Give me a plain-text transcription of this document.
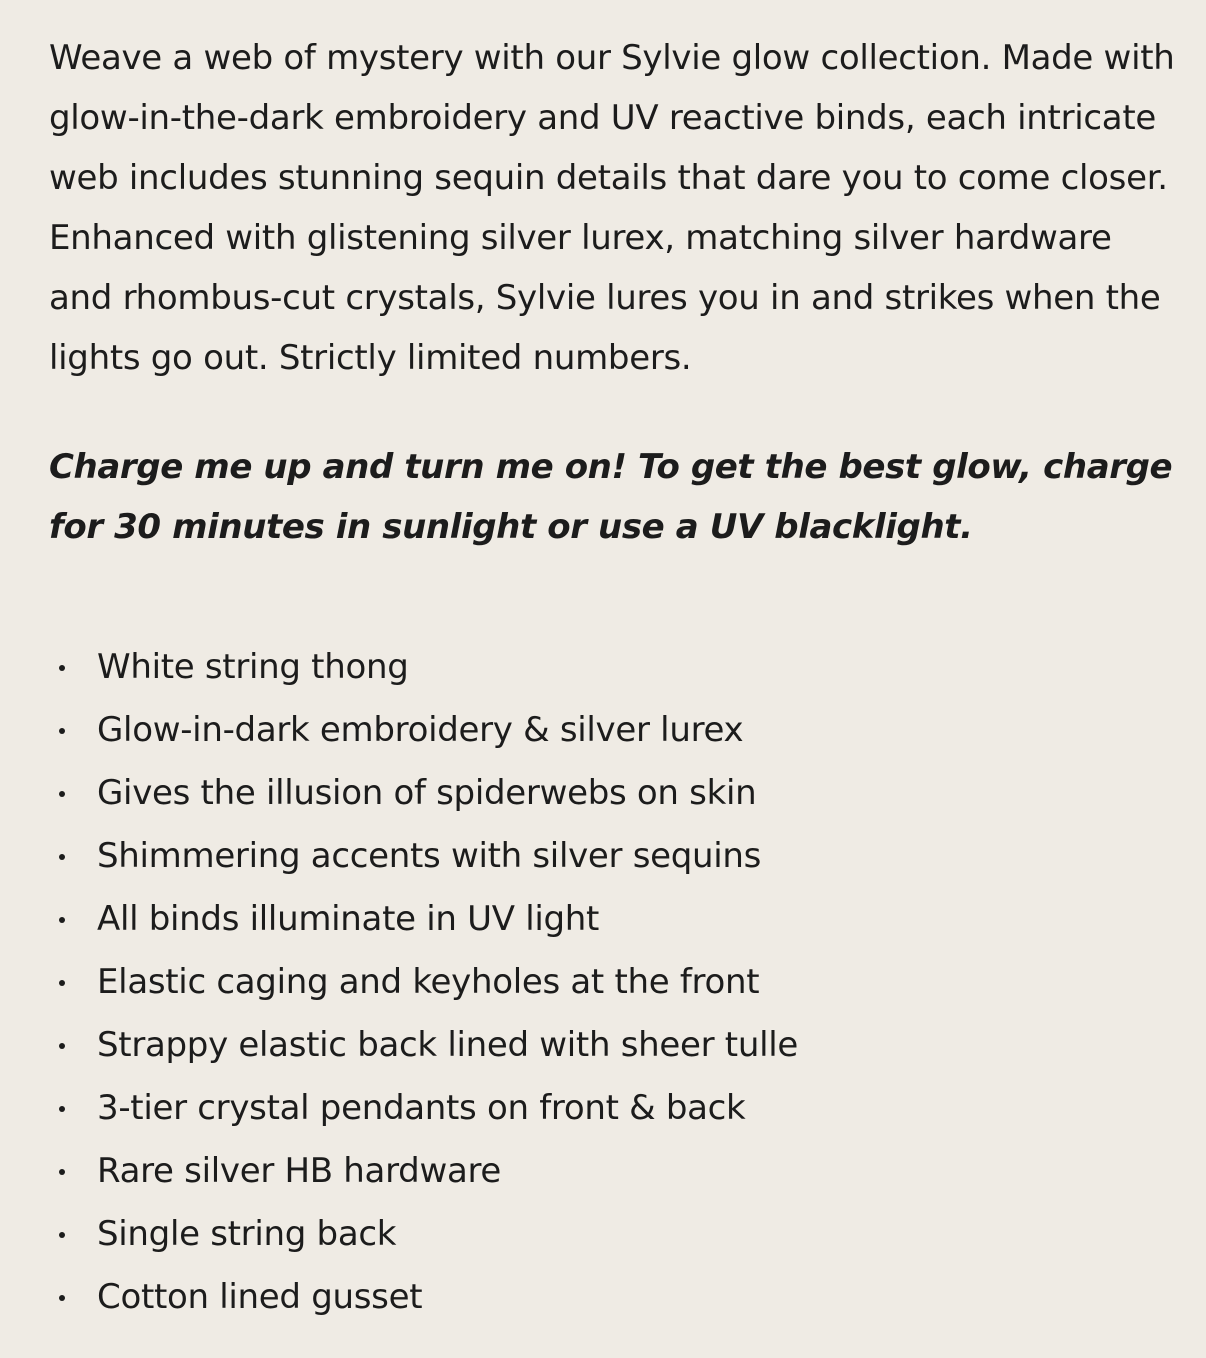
Weave a web of mystery with our Sylvie glow collection. Made with glow-in-the-dark embroidery and UV reactive binds, each intricate web includes stunning sequin details that dare you to come closer. Enhanced with glistening silver lurex, matching silver hardware and rhombus-cut crystals, Sylvie lures you in and strikes when the lights go out. Strictly limited numbers.

Charge me up and turn me on! To get the best glow, charge for 30 minutes in sunlight or use a UV blacklight.

White string thong
Glow-in-dark embroidery & silver lurex
Gives the illusion of spiderwebs on skin
Shimmering accents with silver sequins
All binds illuminate in UV light
Elastic caging and keyholes at the front
Strappy elastic back lined with sheer tulle
3-tier crystal pendants on front & back
Rare silver HB hardware
Single string back
Cotton lined gusset
